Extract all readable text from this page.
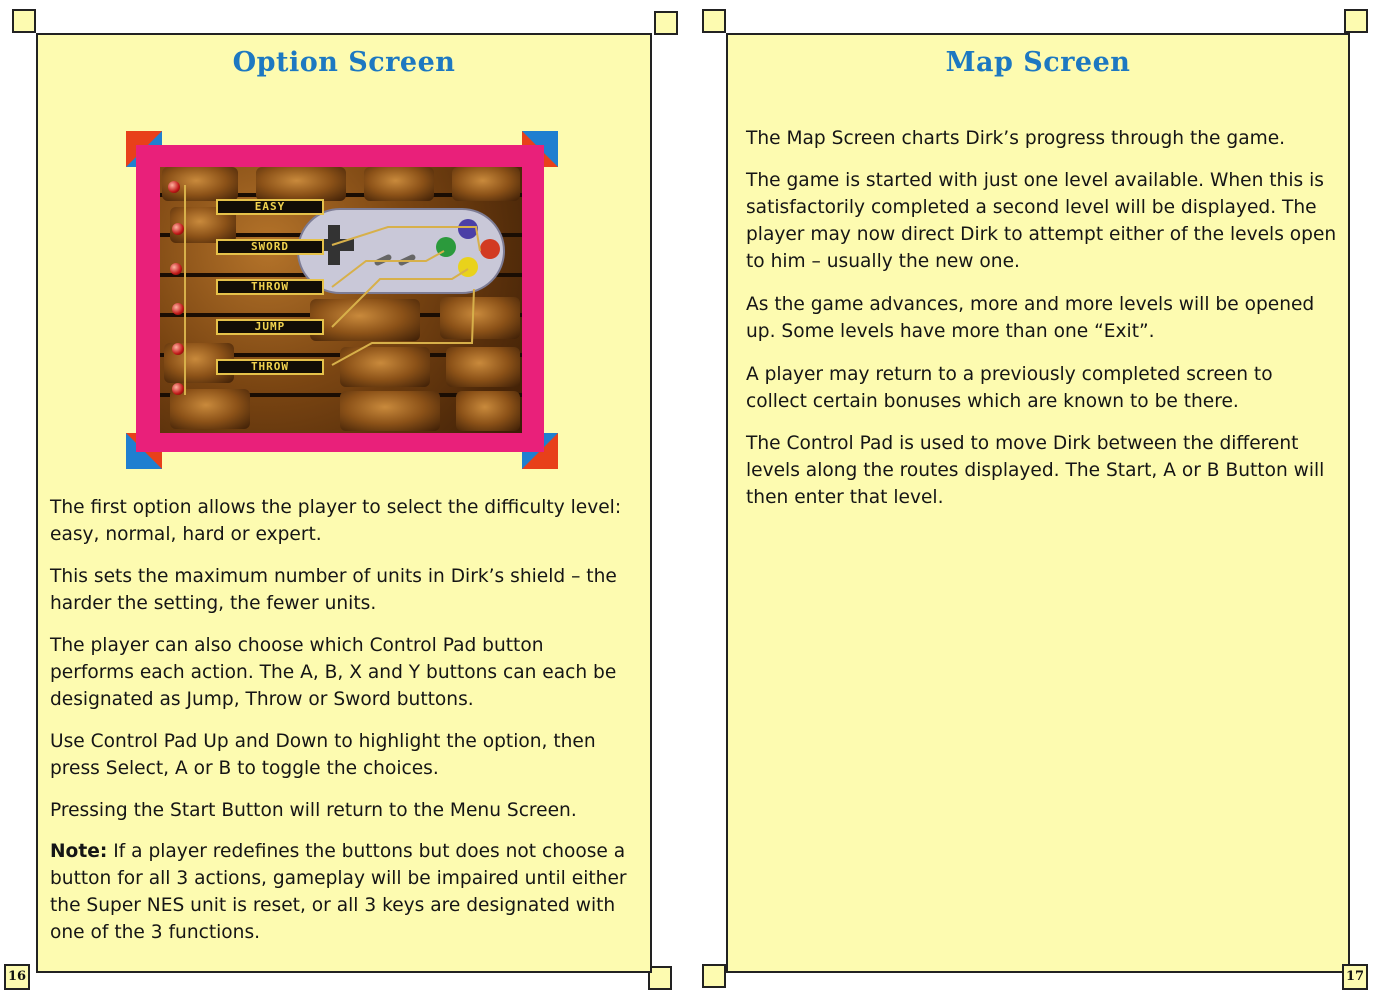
Option Screen
EASY
SWORD
THROW
JUMP
THROW
The first option allows the player to select the difficulty level: easy, normal, hard or expert.
This sets the maximum number of units in Dirk’s shield – the harder the setting, the fewer units.
The player can also choose which Control Pad button performs each action. The A, B, X and Y buttons can each be designated as Jump, Throw or Sword buttons.
Use Control Pad Up and Down to highlight the option, then press Select, A or B to toggle the choices.
Pressing the Start Button will return to the Menu Screen.
Note: If a player redefines the buttons but does not choose a button for all 3 actions, gameplay will be impaired until either the Super NES unit is reset, or all 3 keys are designated with one of the 3 functions.
16
Map Screen
The Map Screen charts Dirk’s progress through the game.
The game is started with just one level available. When this is satisfactorily completed a second level will be displayed. The player may now direct Dirk to attempt either of the levels open to him – usually the new one.
As the game advances, more and more levels will be opened up. Some levels have more than one “Exit”.
A player may return to a previously completed screen to collect certain bonuses which are known to be there.
The Control Pad is used to move Dirk between the different levels along the routes displayed. The Start, A or B Button will then enter that level.
17
